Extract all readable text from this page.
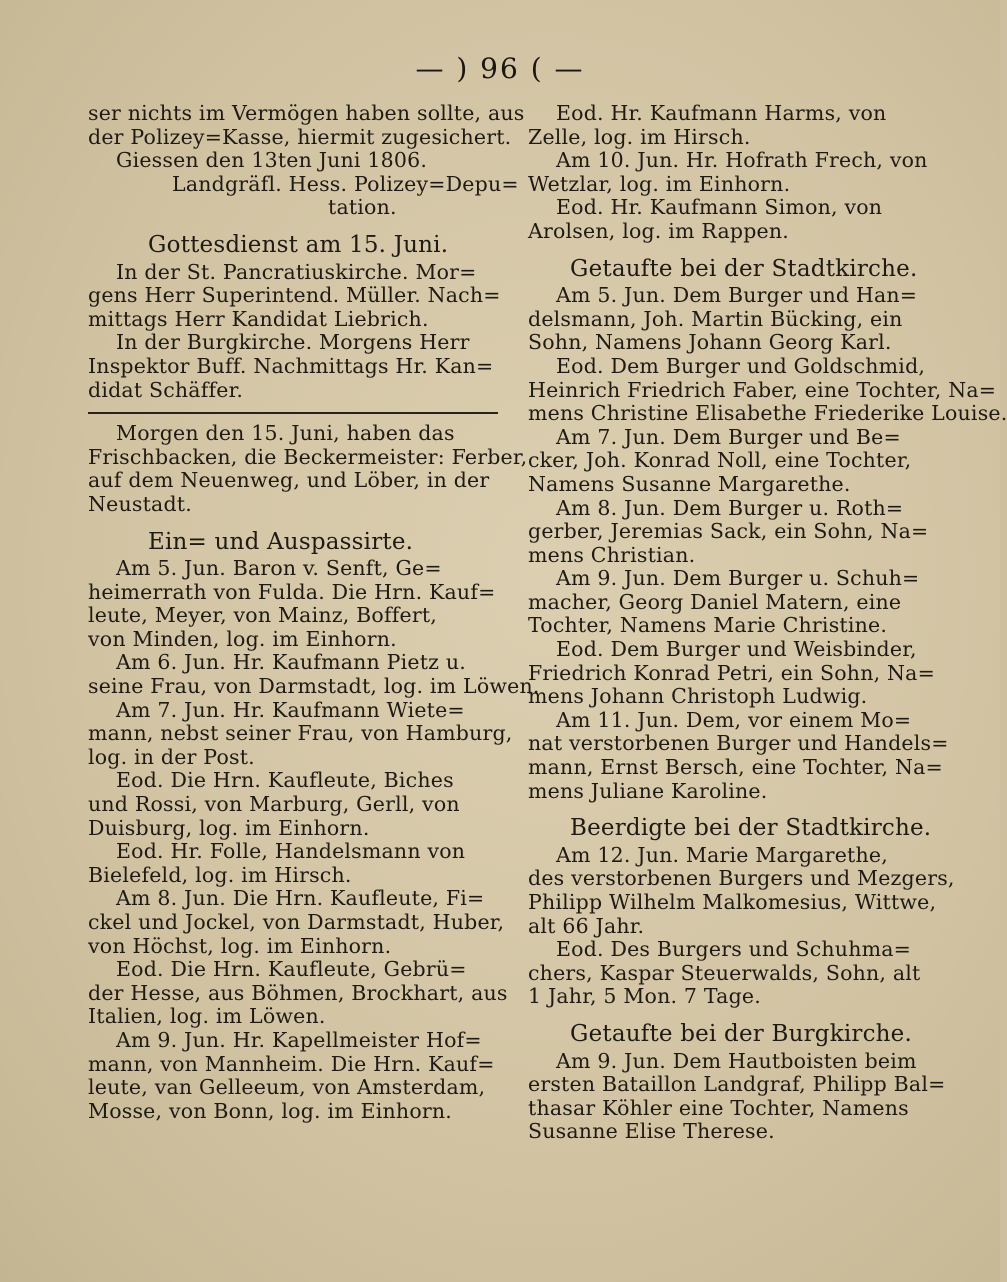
— ) 96 ( —
ser nichts im Vermögen haben sollte, aus
der Polizey=Kasse, hiermit zugesichert.
Giessen den 13ten Juni 1806.
Landgräfl. Hess. Polizey=Depu=
tation.
Gottesdienst am 15. Juni.
In der St. Pancratiuskirche. Mor=
gens Herr Superintend. Müller. Nach=
mittags Herr Kandidat Liebrich.
In der Burgkirche. Morgens Herr
Inspektor Buff. Nachmittags Hr. Kan=
didat Schäffer.
Morgen den 15. Juni, haben das
Frischbacken, die Beckermeister: Ferber,
auf dem Neuenweg, und Löber, in der
Neustadt.
Ein= und Auspassirte.
Am 5. Jun. Baron v. Senft, Ge=
heimerrath von Fulda. Die Hrn. Kauf=
leute, Meyer, von Mainz, Boffert,
von Minden, log. im Einhorn.
Am 6. Jun. Hr. Kaufmann Pietz u.
seine Frau, von Darmstadt, log. im Löwen.
Am 7. Jun. Hr. Kaufmann Wiete=
mann, nebst seiner Frau, von Hamburg,
log. in der Post.
Eod. Die Hrn. Kaufleute, Biches
und Rossi, von Marburg, Gerll, von
Duisburg, log. im Einhorn.
Eod. Hr. Folle, Handelsmann von
Bielefeld, log. im Hirsch.
Am 8. Jun. Die Hrn. Kaufleute, Fi=
ckel und Jockel, von Darmstadt, Huber,
von Höchst, log. im Einhorn.
Eod. Die Hrn. Kaufleute, Gebrü=
der Hesse, aus Böhmen, Brockhart, aus
Italien, log. im Löwen.
Am 9. Jun. Hr. Kapellmeister Hof=
mann, von Mannheim. Die Hrn. Kauf=
leute, van Gelleeum, von Amsterdam,
Mosse, von Bonn, log. im Einhorn.
Eod. Hr. Kaufmann Harms, von
Zelle, log. im Hirsch.
Am 10. Jun. Hr. Hofrath Frech, von
Wetzlar, log. im Einhorn.
Eod. Hr. Kaufmann Simon, von
Arolsen, log. im Rappen.
Getaufte bei der Stadtkirche.
Am 5. Jun. Dem Burger und Han=
delsmann, Joh. Martin Bücking, ein
Sohn, Namens Johann Georg Karl.
Eod. Dem Burger und Goldschmid,
Heinrich Friedrich Faber, eine Tochter, Na=
mens Christine Elisabethe Friederike Louise.
Am 7. Jun. Dem Burger und Be=
cker, Joh. Konrad Noll, eine Tochter,
Namens Susanne Margarethe.
Am 8. Jun. Dem Burger u. Roth=
gerber, Jeremias Sack, ein Sohn, Na=
mens Christian.
Am 9. Jun. Dem Burger u. Schuh=
macher, Georg Daniel Matern, eine
Tochter, Namens Marie Christine.
Eod. Dem Burger und Weisbinder,
Friedrich Konrad Petri, ein Sohn, Na=
mens Johann Christoph Ludwig.
Am 11. Jun. Dem, vor einem Mo=
nat verstorbenen Burger und Handels=
mann, Ernst Bersch, eine Tochter, Na=
mens Juliane Karoline.
Beerdigte bei der Stadtkirche.
Am 12. Jun. Marie Margarethe,
des verstorbenen Burgers und Mezgers,
Philipp Wilhelm Malkomesius, Wittwe,
alt 66 Jahr.
Eod. Des Burgers und Schuhma=
chers, Kaspar Steuerwalds, Sohn, alt
1 Jahr, 5 Mon. 7 Tage.
Getaufte bei der Burgkirche.
Am 9. Jun. Dem Hautboisten beim
ersten Bataillon Landgraf, Philipp Bal=
thasar Köhler eine Tochter, Namens
Susanne Elise Therese.
